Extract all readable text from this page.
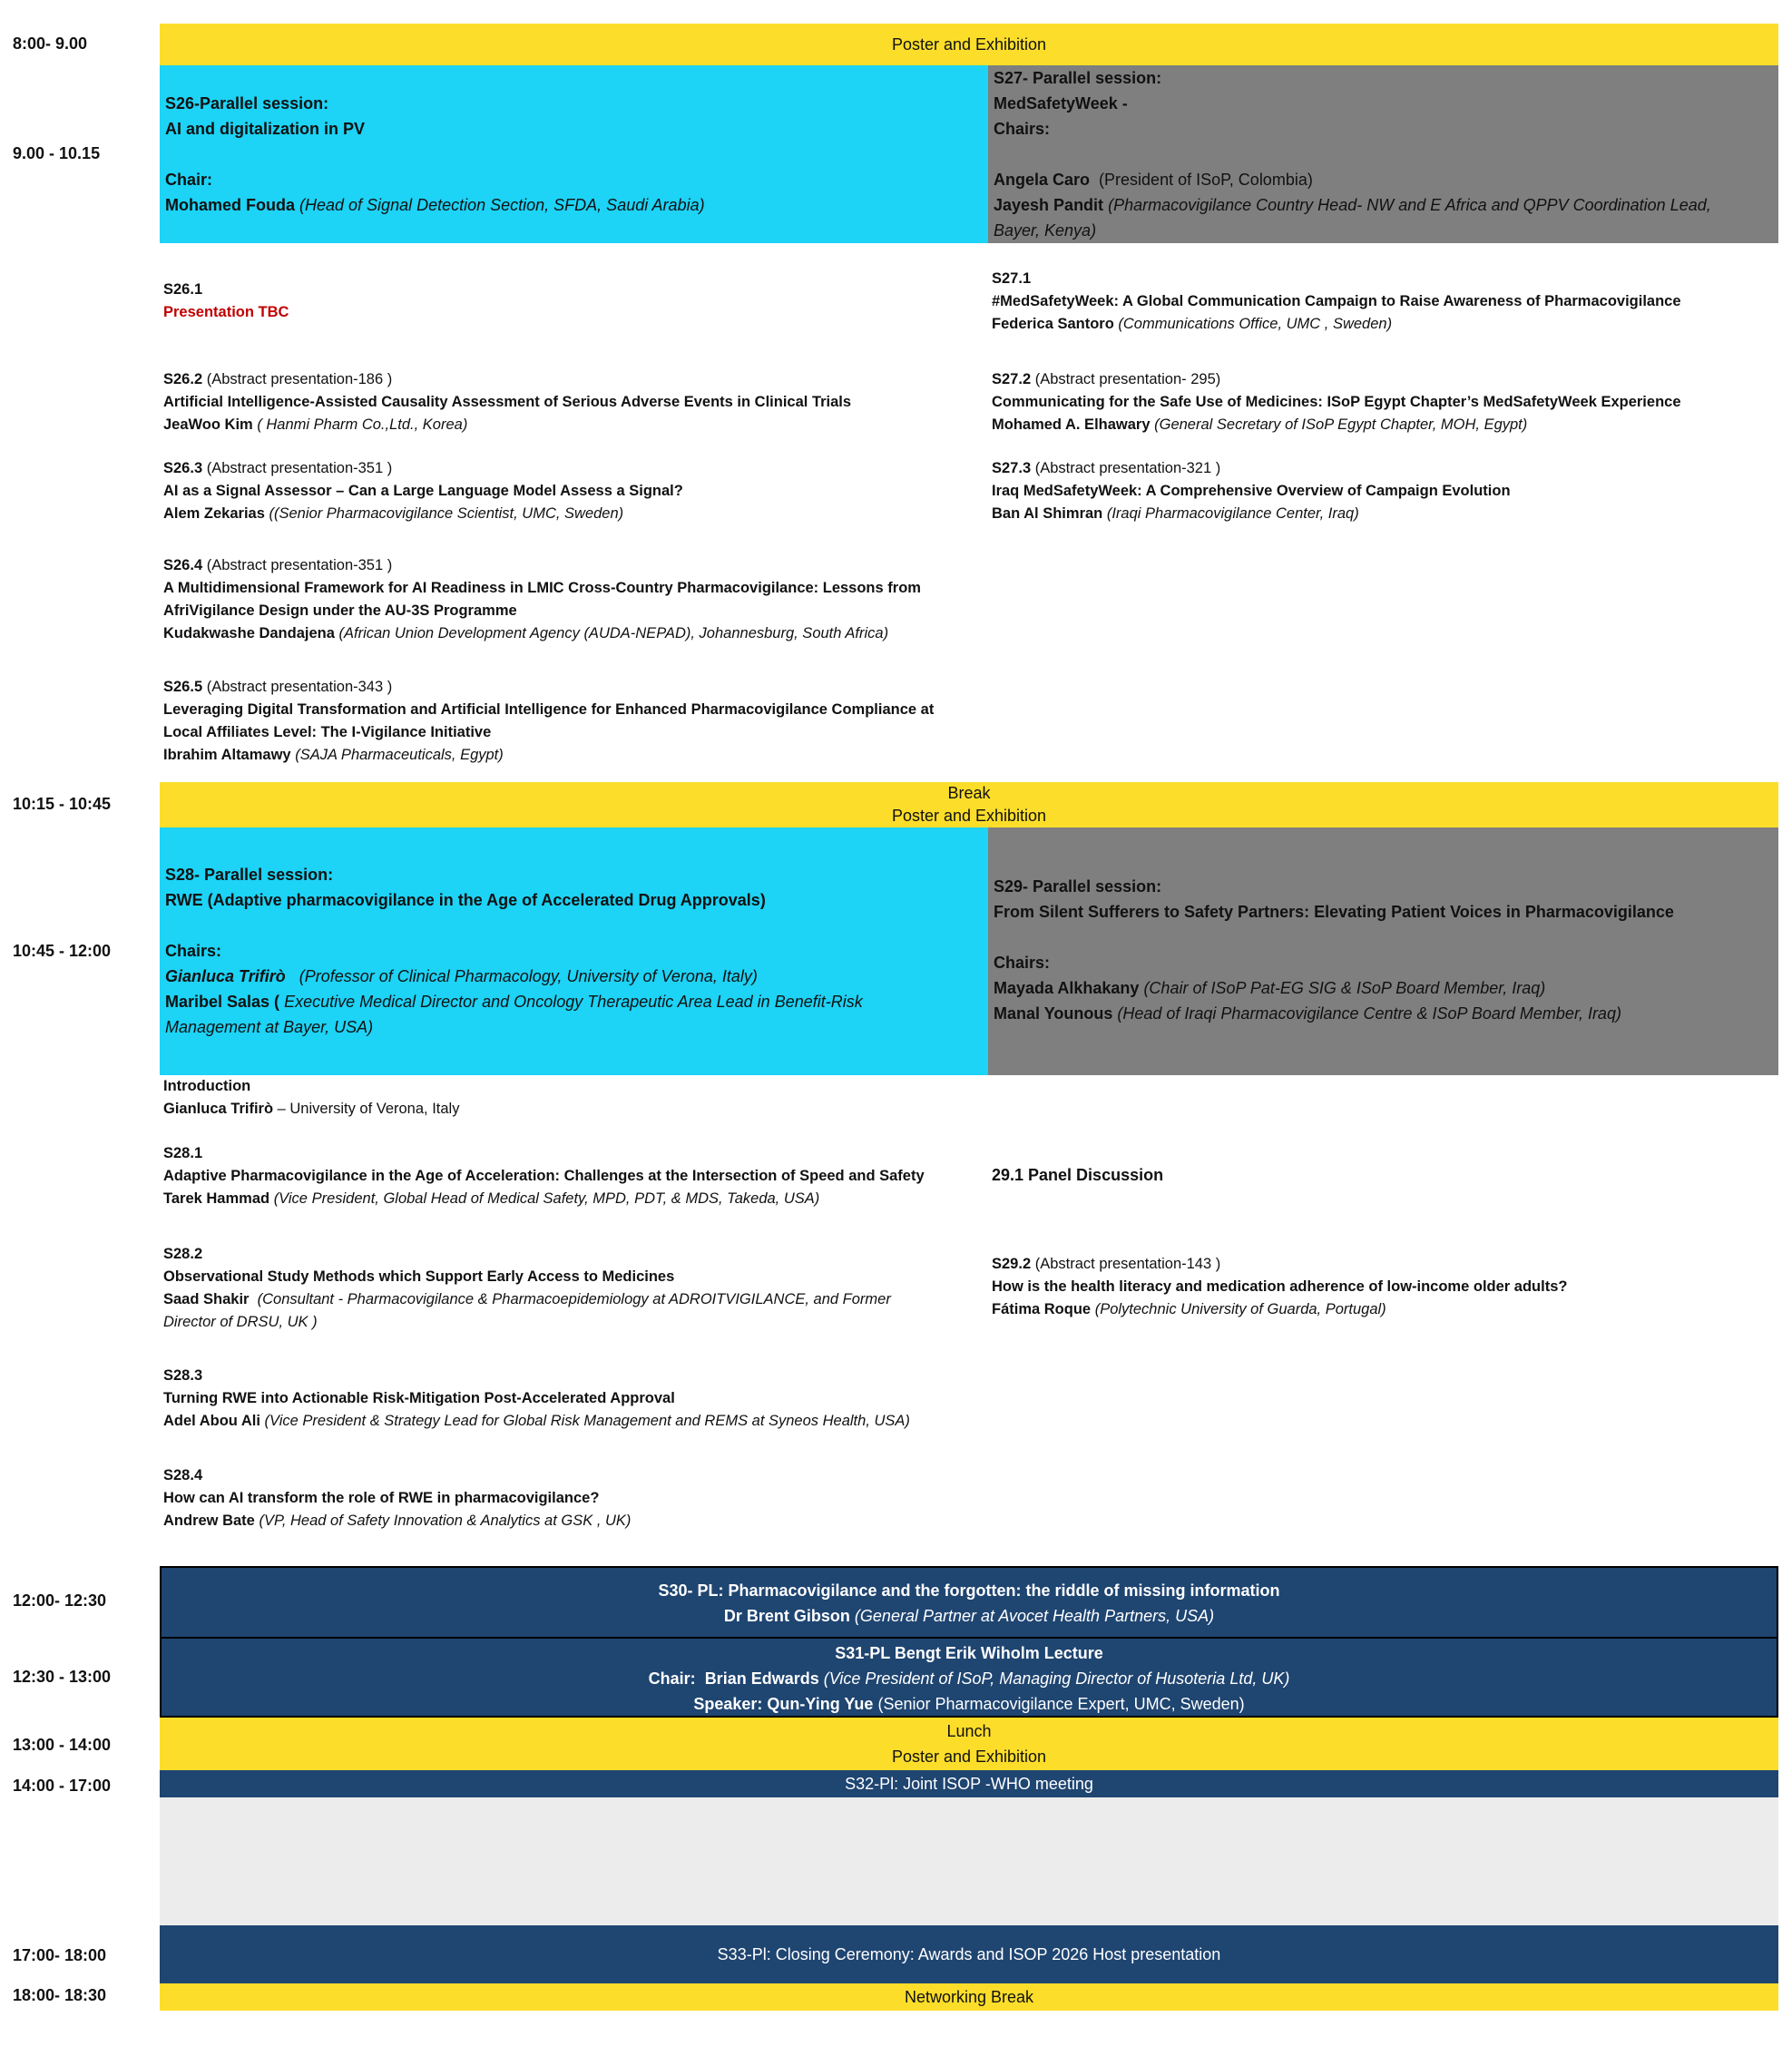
8:00- 9.00
9.00 - 10.15
10:15 - 10:45
10:45 - 12:00
12:00- 12:30
12:30 - 13:00
13:00 - 14:00
14:00 - 17:00
17:00- 18:00
18:00- 18:30
Poster and Exhibition
S26-Parallel session:
AI and digitalization in PV
Chair:
Mohamed Fouda (Head of Signal Detection Section, SFDA, Saudi Arabia)
S27- Parallel session:
MedSafetyWeek -
Chairs:
Angela Caro (President of ISoP, Colombia)
Jayesh Pandit (Pharmacovigilance Country Head- NW and E Africa and QPPV Coordination Lead,
Bayer, Kenya)
S26.1
Presentation TBC
S26.2 (Abstract presentation-186 )
Artificial Intelligence-Assisted Causality Assessment of Serious Adverse Events in Clinical Trials
JeaWoo Kim ( Hanmi Pharm Co.,Ltd., Korea)
S26.3 (Abstract presentation-351 )
AI as a Signal Assessor – Can a Large Language Model Assess a Signal?
Alem Zekarias ((Senior Pharmacovigilance Scientist, UMC, Sweden)
S26.4 (Abstract presentation-351 )
A Multidimensional Framework for AI Readiness in LMIC Cross-Country Pharmacovigilance: Lessons from
AfriVigilance Design under the AU-3S Programme
Kudakwashe Dandajena (African Union Development Agency (AUDA-NEPAD), Johannesburg, South Africa)
S26.5 (Abstract presentation-343 )
Leveraging Digital Transformation and Artificial Intelligence for Enhanced Pharmacovigilance Compliance at
Local Affiliates Level: The I-Vigilance Initiative
Ibrahim Altamawy (SAJA Pharmaceuticals, Egypt)
S27.1
#MedSafetyWeek: A Global Communication Campaign to Raise Awareness of Pharmacovigilance
Federica Santoro (Communications Office, UMC , Sweden)
S27.2 (Abstract presentation- 295)
Communicating for the Safe Use of Medicines: ISoP Egypt Chapter’s MedSafetyWeek Experience
Mohamed A. Elhawary (General Secretary of ISoP Egypt Chapter, MOH, Egypt)
S27.3 (Abstract presentation-321 )
Iraq MedSafetyWeek: A Comprehensive Overview of Campaign Evolution
Ban Al Shimran (Iraqi Pharmacovigilance Center, Iraq)
Break
Poster and Exhibition
S28- Parallel session:
RWE (Adaptive pharmacovigilance in the Age of Accelerated Drug Approvals)
Chairs:
Gianluca Trifirò (Professor of Clinical Pharmacology, University of Verona, Italy)
Maribel Salas ( Executive Medical Director and Oncology Therapeutic Area Lead in Benefit-Risk
Management at Bayer, USA)
S29- Parallel session:
From Silent Sufferers to Safety Partners: Elevating Patient Voices in Pharmacovigilance
Chairs:
Mayada Alkhakany (Chair of ISoP Pat-EG SIG & ISoP Board Member, Iraq)
Manal Younous (Head of Iraqi Pharmacovigilance Centre & ISoP Board Member, Iraq)
Introduction
Gianluca Trifirò – University of Verona, Italy
S28.1
Adaptive Pharmacovigilance in the Age of Acceleration: Challenges at the Intersection of Speed and Safety
Tarek Hammad (Vice President, Global Head of Medical Safety, MPD, PDT, & MDS, Takeda, USA)
S28.2
Observational Study Methods which Support Early Access to Medicines
Saad Shakir (Consultant - Pharmacovigilance & Pharmacoepidemiology at ADROITVIGILANCE, and Former
Director of DRSU, UK )
S28.3
Turning RWE into Actionable Risk-Mitigation Post-Accelerated Approval
Adel Abou Ali (Vice President & Strategy Lead for Global Risk Management and REMS at Syneos Health, USA)
S28.4
How can AI transform the role of RWE in pharmacovigilance?
Andrew Bate (VP, Head of Safety Innovation & Analytics at GSK , UK)
29.1 Panel Discussion
S29.2 (Abstract presentation-143 )
How is the health literacy and medication adherence of low-income older adults?
Fátima Roque (Polytechnic University of Guarda, Portugal)
S30- PL: Pharmacovigilance and the forgotten: the riddle of missing information
Dr Brent Gibson (General Partner at Avocet Health Partners, USA)
S31-PL Bengt Erik Wiholm Lecture
Chair: Brian Edwards (Vice President of ISoP, Managing Director of Husoteria Ltd, UK)
Speaker: Qun-Ying Yue (Senior Pharmacovigilance Expert, UMC, Sweden)
Lunch
Poster and Exhibition
S32-Pl: Joint ISOP -WHO meeting
S33-Pl: Closing Ceremony: Awards and ISOP 2026 Host presentation
Networking Break
